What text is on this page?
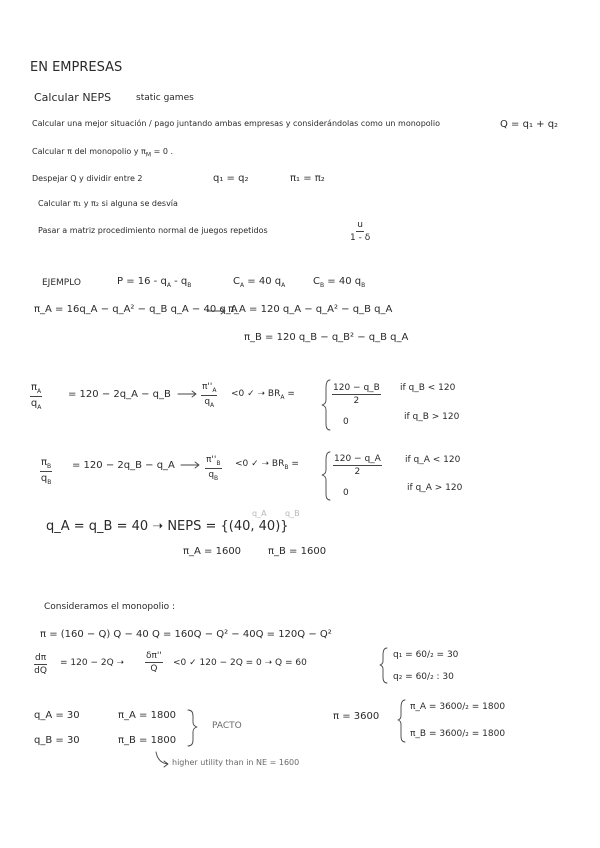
EN EMPRESAS
Calcular NEPS	static games
Calcular una mejor situación / pago juntando ambas empresas y considerándolas como un monopolio	Q = q₁ + q₂
Calcular π del monopolio y $\pi_M = 0$ .
Despejar Q y dividir entre 2	q₁ = q₂	π₁ = π₂
Calcular π₁ y π₂ si alguna se desvía
Pasar a matriz procedimiento normal de juegos repetidos	$\frac{u}{1 - \delta}$
EJEMPLO	$P = 16 - q_A - q_B$	$C_A = 40$ $q_A$	$C_B = 40$ $q_B$
π_A = 16q_A − q_A² − q_B q_A − 40 q_A
π_A = 120 q_A − q_A² − q_B q_A
π_B = 120 q_B − q_B² − q_B q_A
$\frac{\pi_A}{q_A}$	= 120 − 2q_A − q_B	$\frac{\pi''_A}{q_A} <0$ ✓ ➝ $BR_A$ =	$\frac{120 - q\_B}{2}$ if q_B < 120
0	if q_B > 120
$\frac{\pi_B}{q_B} = 120$ − 2q_B − q_A	$\frac{\pi''_B}{q_B} <0$ ✓ ➝ $BR_B$ =	$\frac{120 - q\_A}{2}$	if q_A < 120
0	if q_A > 120
q_A q_B
q_A = q_B = 40 ➝ NEPS = {(40, 40)}
π_A = 1600	π_B = 1600
Consideramos el monopolio :
π = (160 − Q) Q − 40 Q = 160Q − Q² − 40Q = 120Q − Q²
$\frac{d\pi}{dQ} = 120 - 2Q$ ➝ $\frac{\delta\pi''}{Q} <0$ ✓ 120 − 2Q = 0 ➝ Q = 60
q₁ = 60/₂ = 30
q₂ = 60/₂ : 30
q_A = 30	π_A = 1800
q_B = 30	π_B = 1800
PACTO
higher utility than in NE = 1600
π = 3600
π_A = 3600/₂ = 1800
π_B = 3600/₂ = 1800
